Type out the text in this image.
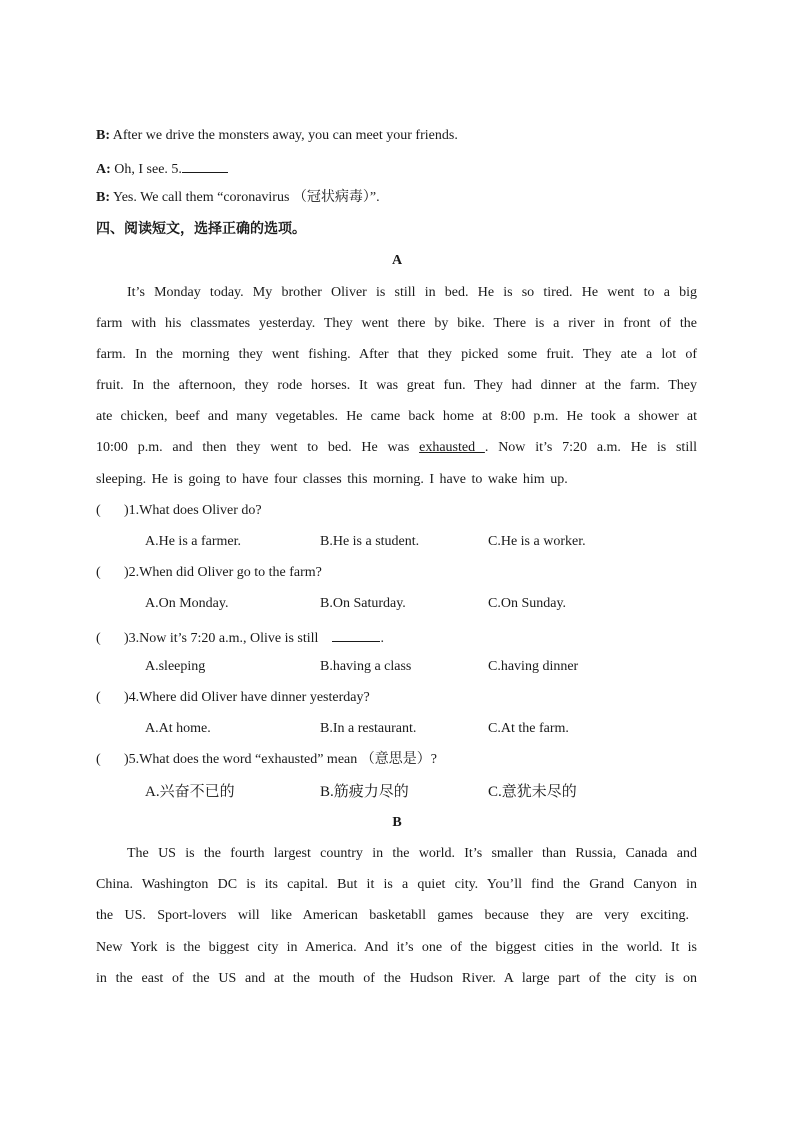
B: After we drive the monsters away, you can meet your friends.
A: Oh, I see. 5.
B: Yes. We call them “coronavirus （冠状病毒）”.
四、阅读短文，选择正确的选项。
A
It’s Monday today. My brother Oliver is still in bed. He is so tired. He went to a big
farm with his classmates yesterday. They went there by bike. There is a river in front of the
farm. In the morning they went fishing. After that they picked some fruit. They ate a lot of
fruit. In the afternoon, they rode horses. It was great fun. They had dinner at the farm. They
ate chicken, beef and many vegetables. He came back home at 8:00 p.m. He took a shower at
10:00 p.m. and then they went to bed. He was exhausted . Now it’s 7:20 a.m. He is still
sleeping. He is going to have four classes this morning. I have to wake him up.
( )1.What does Oliver do?
A.He is a farmer.	B.He is a student.	C.He is a worker.
( )2.When did Oliver go to the farm?
A.On Monday.	B.On Saturday.	C.On Sunday.
( )3.Now it’s 7:20 a.m., Olive is still	.
A.sleeping	B.having a class	C.having dinner
( )4.Where did Oliver have dinner yesterday?
A.At home.	B.In a restaurant.	C.At the farm.
( )5.What does the word “exhausted” mean （意思是）?
A.兴奋不已的	B.筋疲力尽的	C.意犹未尽的
B
The US is the fourth largest country in the world. It’s smaller than Russia, Canada and
China. Washington DC is its capital. But it is a quiet city. You’ll find the Grand Canyon in
the US. Sport-lovers will like American basketabll games because they are very exciting.
New York is the biggest city in America. And it’s one of the biggest cities in the world. It is
in the east of the US and at the mouth of the Hudson River. A large part of the city is on
